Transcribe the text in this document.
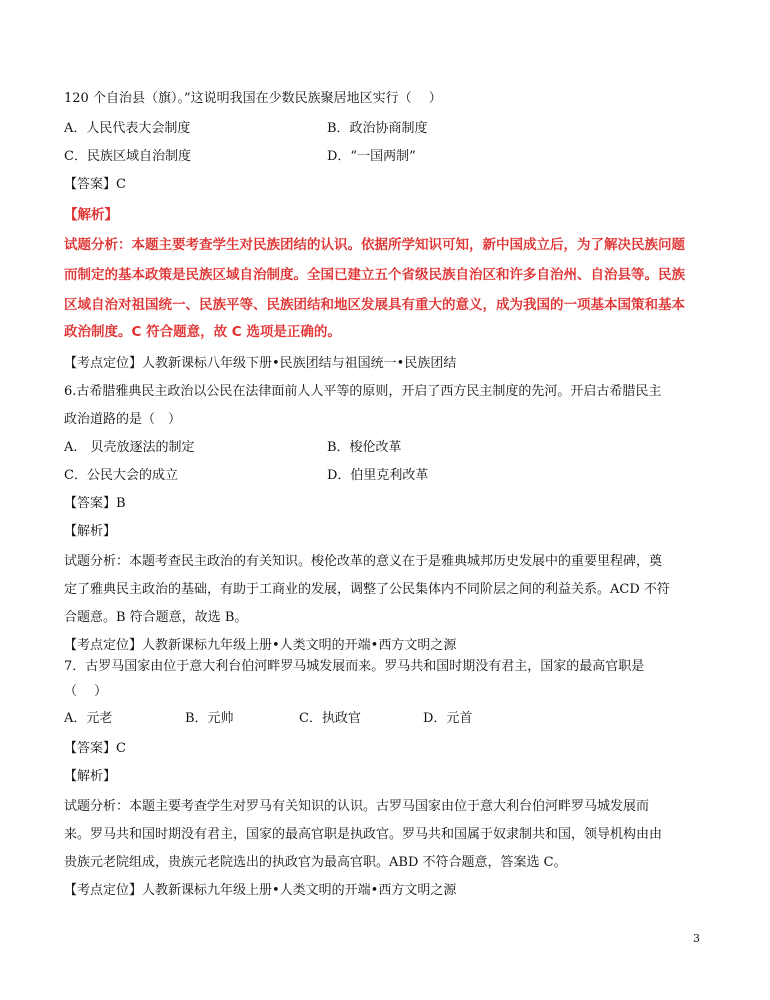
120 个自治县（旗）。”这说明我国在少数民族聚居地区实行（　 ）
A．人民代表大会制度	B．政治协商制度
C．民族区域自治制度	D．“一国两制”
【答案】C
【解析】
试题分析：本题主要考查学生对民族团结的认识。依据所学知识可知，新中国成立后，为了解决民族问题
而制定的基本政策是民族区域自治制度。全国已建立五个省级民族自治区和许多自治州、自治县等。民族
区域自治对祖国统一、民族平等、民族团结和地区发展具有重大的意义，成为我国的一项基本国策和基本
政治制度。C 符合题意，故 C 选项是正确的。
【考点定位】人教新课标八年级下册•民族团结与祖国统一•民族团结
6.古希腊雅典民主政治以公民在法律面前人人平等的原则，开启了西方民主制度的先河。开启古希腊民主
政治道路的是（　）
A.　贝壳放逐法的制定	B．梭伦改革
C．公民大会的成立	D．伯里克利改革
【答案】B
【解析】
试题分析：本题考查民主政治的有关知识。梭伦改革的意义在于是雅典城邦历史发展中的重要里程碑，奠
定了雅典民主政治的基础，有助于工商业的发展，调整了公民集体内不同阶层之间的利益关系。ACD 不符
合题意。B 符合题意，故选 B。
【考点定位】人教新课标九年级上册•人类文明的开端•西方文明之源
7．古罗马国家由位于意大利台伯河畔罗马城发展而来。罗马共和国时期没有君主，国家的最高官职是
（　 ）
A．元老	B．元帅	C．执政官	D．元首
【答案】C
【解析】
试题分析：本题主要考查学生对罗马有关知识的认识。古罗马国家由位于意大利台伯河畔罗马城发展而
来。罗马共和国时期没有君主，国家的最高官职是执政官。罗马共和国属于奴隶制共和国，领导机构由由
贵族元老院组成，贵族元老院选出的执政官为最高官职。ABD 不符合题意，答案选 C。
【考点定位】人教新课标九年级上册•人类文明的开端•西方文明之源
3
